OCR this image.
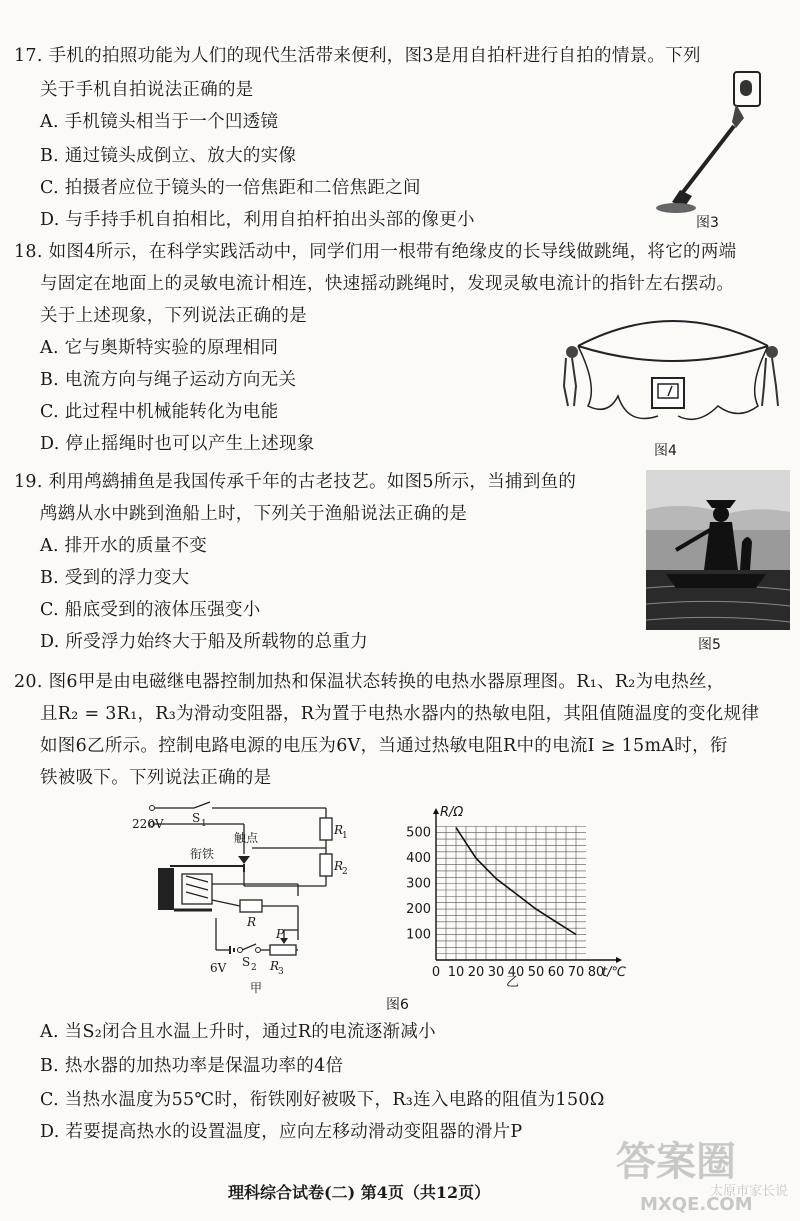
17. 手机的拍照功能为人们的现代生活带来便利，图3是用自拍杆进行自拍的情景。下列
关于手机自拍说法正确的是
A. 手机镜头相当于一个凹透镜
B. 通过镜头成倒立、放大的实像
C. 拍摄者应位于镜头的一倍焦距和二倍焦距之间
D. 与手持手机自拍相比，利用自拍杆拍出头部的像更小	图3
18. 如图4所示，在科学实践活动中，同学们用一根带有绝缘皮的长导线做跳绳，将它的两端
与固定在地面上的灵敏电流计相连，快速摇动跳绳时，发现灵敏电流计的指针左右摆动。
关于上述现象，下列说法正确的是
A. 它与奥斯特实验的原理相同
B. 电流方向与绳子运动方向无关
C. 此过程中机械能转化为电能
D. 停止摇绳时也可以产生上述现象	图4
19. 利用鸬鹚捕鱼是我国传承千年的古老技艺。如图5所示，当捕到鱼的
鸬鹚从水中跳到渔船上时，下列关于渔船说法正确的是
A. 排开水的质量不变
B. 受到的浮力变大
C. 船底受到的液体压强变小
D. 所受浮力始终大于船及所载物的总重力	图5
20. 图6甲是由电磁继电器控制加热和保温状态转换的电热水器原理图。R₁、R₂为电热丝，
且R₂ = 3R₁，R₃为滑动变阻器，R为置于电热水器内的热敏电阻，其阻值随温度的变化规律
如图6乙所示。控制电路电源的电压为6V，当通过热敏电阻R中的电流I ≥ 15mA时，衔
铁被吸下。下列说法正确的是
220V S 1
触点
衔铁
R
1
R
2
R
P
6V S 2 R
3
甲
0 10 20 30 40 50 60 70 80
100
200
300
400
500
R/Ω
t/℃
乙
图6
A. 当S₂闭合且水温上升时，通过R的电流逐渐减小
B. 热水器的加热功率是保温功率的4倍
C. 当热水温度为55℃时，衔铁刚好被吸下，R₃连入电路的阻值为150Ω
D. 若要提高热水的设置温度，应向左移动滑动变阻器的滑片P
答案圈
太原市家长说
MXQE.COM
理科综合试卷(二) 第4页（共12页）
